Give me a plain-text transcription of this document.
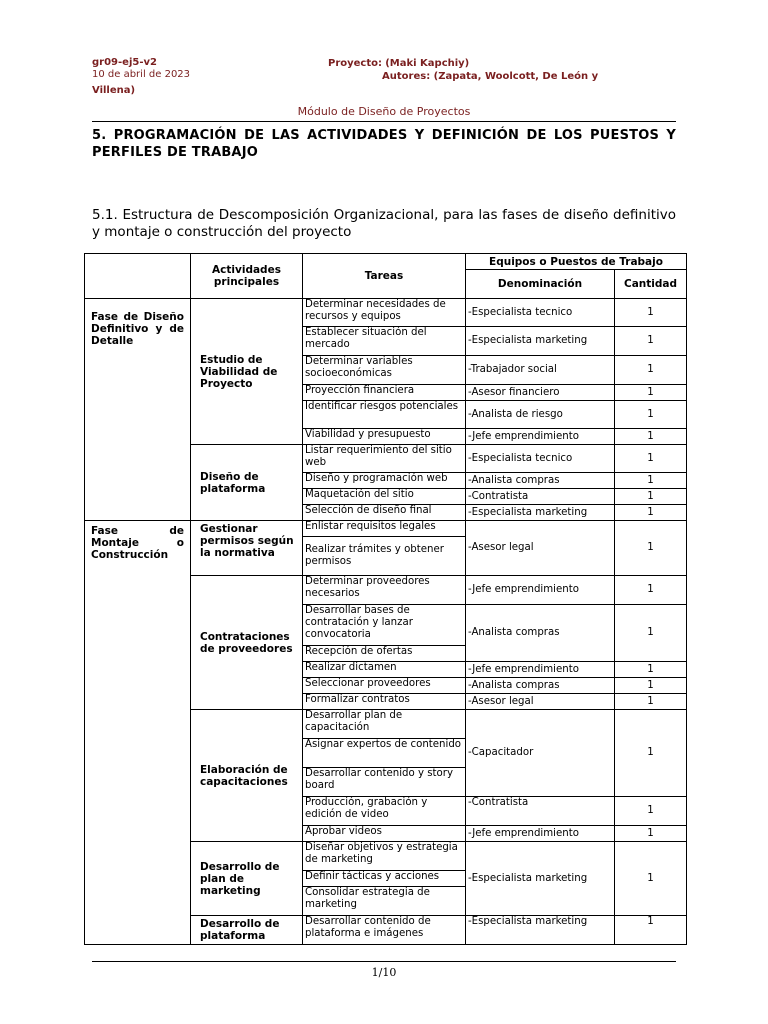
gr09-ej5-v2
10 de abril de 2023
Proyecto: (Maki Kapchiy)
Autores: (Zapata, Woolcott, De León y Villena)
Módulo de Diseño de Proyectos
5. PROGRAMACIÓN DE LAS ACTIVIDADES Y DEFINICIÓN DE LOS PUESTOS Y PERFILES DE TRABAJO
5.1. Estructura de Descomposición Organizacional, para las fases de diseño definitivo y montaje o construcción del proyecto
	Actividades principales	Tareas	Equipos o Puestos de Trabajo	
			Denominación	Cantidad
Fase de Diseño Definitivo y de Detalle	Estudio de Viabilidad de Proyecto	Determinar necesidades de recursos y equipos	-Especialista tecnico	1
		Establecer situación del mercado	-Especialista marketing	1
		Determinar variables socioeconómicas	-Trabajador social	1
		Proyección financiera	-Asesor financiero	1
		Identificar riesgos potenciales	-Analista de riesgo	1
		Viabilidad y presupuesto	-Jefe emprendimiento	1
	Diseño de plataforma	Listar requerimiento del sitio web	-Especialista tecnico	1
		Diseño y programación web	-Analista compras	1
		Maquetación del sitio	-Contratista	1
		Selección de diseño final	-Especialista marketing	1
Fase de Montaje o Construcción	Gestionar permisos según la normativa	Enlistar requisitos legales	-Asesor legal	1
		Realizar trámites y obtener permisos		
	Contrataciones de proveedores	Determinar proveedores necesarios	-Jefe emprendimiento	1
		Desarrollar bases de contratación y lanzar convocatoria	-Analista compras	1
		Recepción de ofertas		
		Realizar dictamen	-Jefe emprendimiento	1
		Seleccionar proveedores	-Analista compras	1
		Formalizar contratos	-Asesor legal	1
	Elaboración de capacitaciones	Desarrollar plan de capacitación	-Capacitador	1
		Asignar expertos de contenido		
		Desarrollar contenido y story board		
		Producción, grabación y edición de video	-Contratista	1
		Aprobar videos	-Jefe emprendimiento	1
	Desarrollo de plan de marketing	Diseñar objetivos y estrategia de marketing	-Especialista marketing	1
		Definir tácticas y acciones		
		Consolidar estrategia de marketing		
	Desarrollo de plataforma	Desarrollar contenido de plataforma e imágenes	-Especialista marketing	1
1/10
